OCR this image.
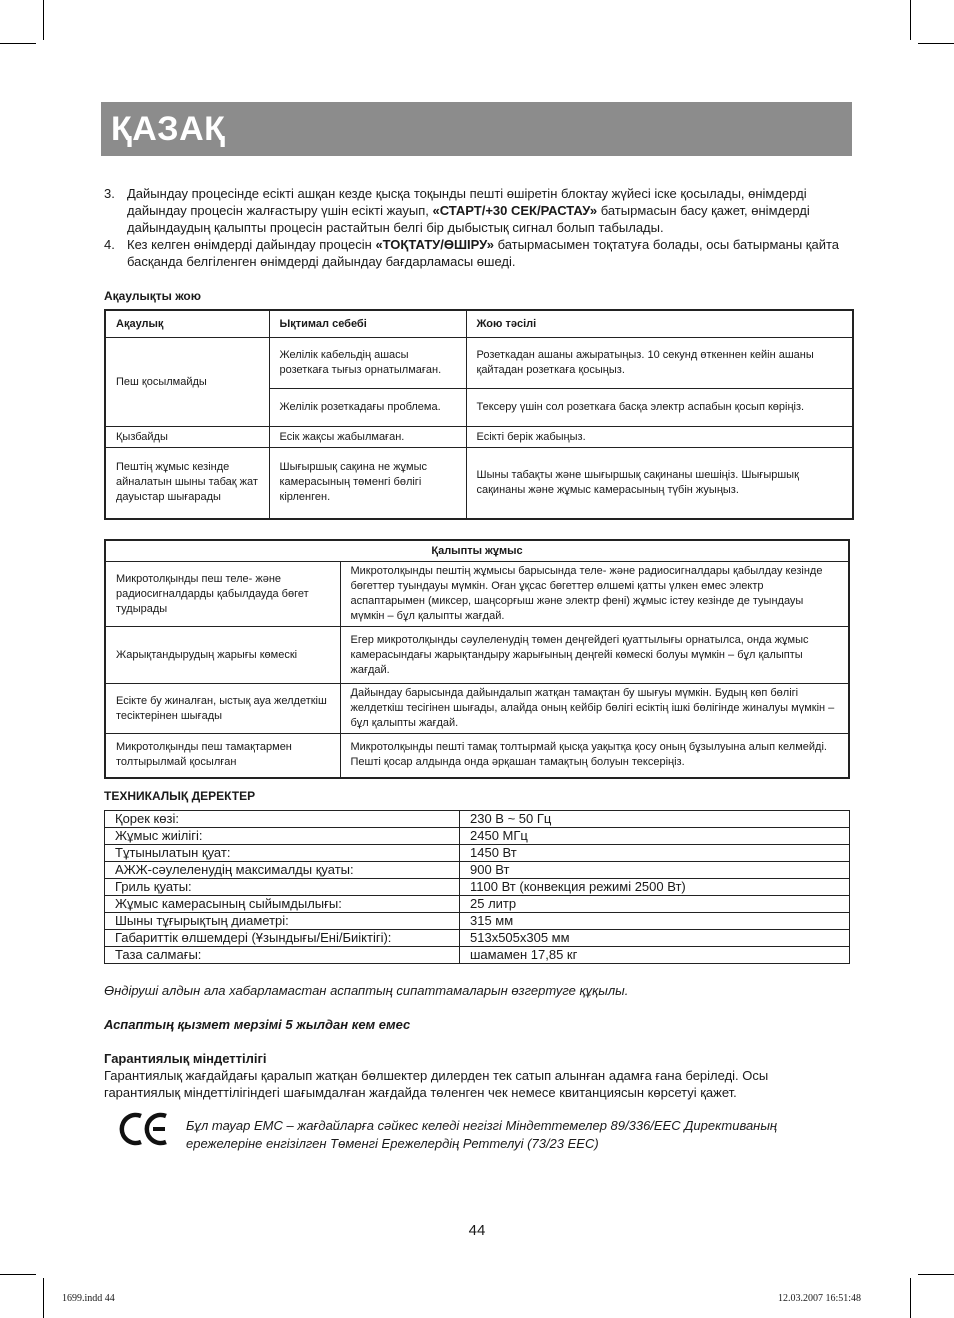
ҚАЗАҚ
3. Дайындау процесінде есікті ашқан кезде қысқа тоқынды пешті өшіретін блоктау жүйесі іске қосылады, өнімдерді дайындау процесін жалғастыру үшін есікті жауып, «СТАРТ/+30 СЕК/РАСТАУ» батырмасын басу қажет, өнімдерді дайындаудың қалыпты процесін растайтын белгі бір дыбыстық сигнал болып табылады.
4. Кез келген өнімдерді дайындау процесін «ТОҚТАТУ/ӨШІРУ» батырмасымен тоқтатуға болады, осы батырманы қайта басқанда белгіленген өнімдерді дайындау бағдарламасы өшеді.
Ақаулықты жою
Ақаулық	Ықтимал себебі	Жою тәсілі
Пеш қосылмайды	Желілік кабельдің ашасы розеткаға тығыз орнатылмаған.	Розеткадан ашаны ажыратыңыз. 10 секунд өткеннен кейін ашаны қайтадан розеткаға қосыңыз.
	Желілік розеткадағы проблема.	Тексеру үшін сол розеткаға басқа электр аспабын қосып көріңіз.
Қызбайды	Есік жақсы жабылмаған.	Есікті берік жабыңыз.
Пештің жұмыс кезінде айналатын шыны табақ жат дауыстар шығарады	Шығыршық сақина не жұмыс камерасының төменгі бөлігі кірленген.	Шыны табақты және шығыршық сақинаны шешіңіз. Шығыршық сақинаны және жұмыс камерасының түбін жуыңыз.
Қалыпты жұмыс	
Микротолқынды пеш теле- және радиосигналдарды қабылдауда бөгет тудырады	Микротолқынды пештің жұмысы барысында теле- және радиосигналдары қабылдау кезінде бөгеттер туындауы мүмкін. Оған ұқсас бөгеттер өлшемі қатты үлкен емес электр аспаптарымен (миксер, шаңсорғыш және электр фені) жұмыс істеу кезінде де туындауы мүмкін – бұл қалыпты жағдай.
Жарықтандырудың жарығы көмескі	Егер микротолқынды сәулеленудің төмен деңгейдегі қуаттылығы орнатылса, онда жұмыс камерасындағы жарықтандыру жарығының деңгейі көмескі болуы мүмкін – бұл қалыпты жағдай.
Есікте бу жиналған, ыстық ауа желдеткіш тесіктерінен шығады	Дайындау барысында дайындалып жатқан тамақтан бу шығуы мүмкін. Будың көп бөлігі желдеткіш тесігінен шығады, алайда оның кейбір бөлігі есіктің ішкі бөлігінде жиналуы мүмкін – бұл қалыпты жағдай.
Микротолқынды пеш тамақтармен толтырылмай қосылған	Микротолқынды пешті тамақ толтырмай қысқа уақытқа қосу оның бұзылуына алып келмейді. Пешті қосар алдында онда әрқашан тамақтың болуын тексеріңіз.
ТЕХНИКАЛЫҚ ДЕРЕКТЕР
Қорек көзі:	230 В ~ 50 Гц
Жұмыс жиілігі:	2450 МГц
Тұтынылатын қуат:	1450 Вт
АЖЖ-сәулеленудің максималды қуаты:	900 Вт
Гриль қуаты:	1100 Вт (конвекция режимі 2500 Вт)
Жұмыс камерасының сыйымдылығы:	25 литр
Шыны тұғырықтың диаметрі:	315 мм
Габариттік өлшемдері (Ұзындығы/Ені/Биіктігі):	513x505x305 мм
Таза салмағы:	шамамен 17,85 кг
Өндіруші алдын ала хабарламастан аспаптың сипаттамаларын өзгертуге құқылы.
Аспаптың қызмет мерзімі 5 жылдан кем емес
Гарантиялық міндеттілігі
Гарантиялық жағдайдағы қаралып жатқан бөлшектер дилерден тек сатып алынған адамға ғана беріледі. Осы гарантиялық міндеттілігіндегі шағымдалған жағдайда төленген чек немесе квитанциясын көрсетуі қажет.
Бұл тауар EMC – жағдайларға сәйкес келеді негізгі Міндеттемелер 89/336/EEC Директиваның ережелеріне енгізілген Төменгі Ережелердің Реттелуі (73/23 EEC)
44
1699.indd 44	12.03.2007 16:51:48
